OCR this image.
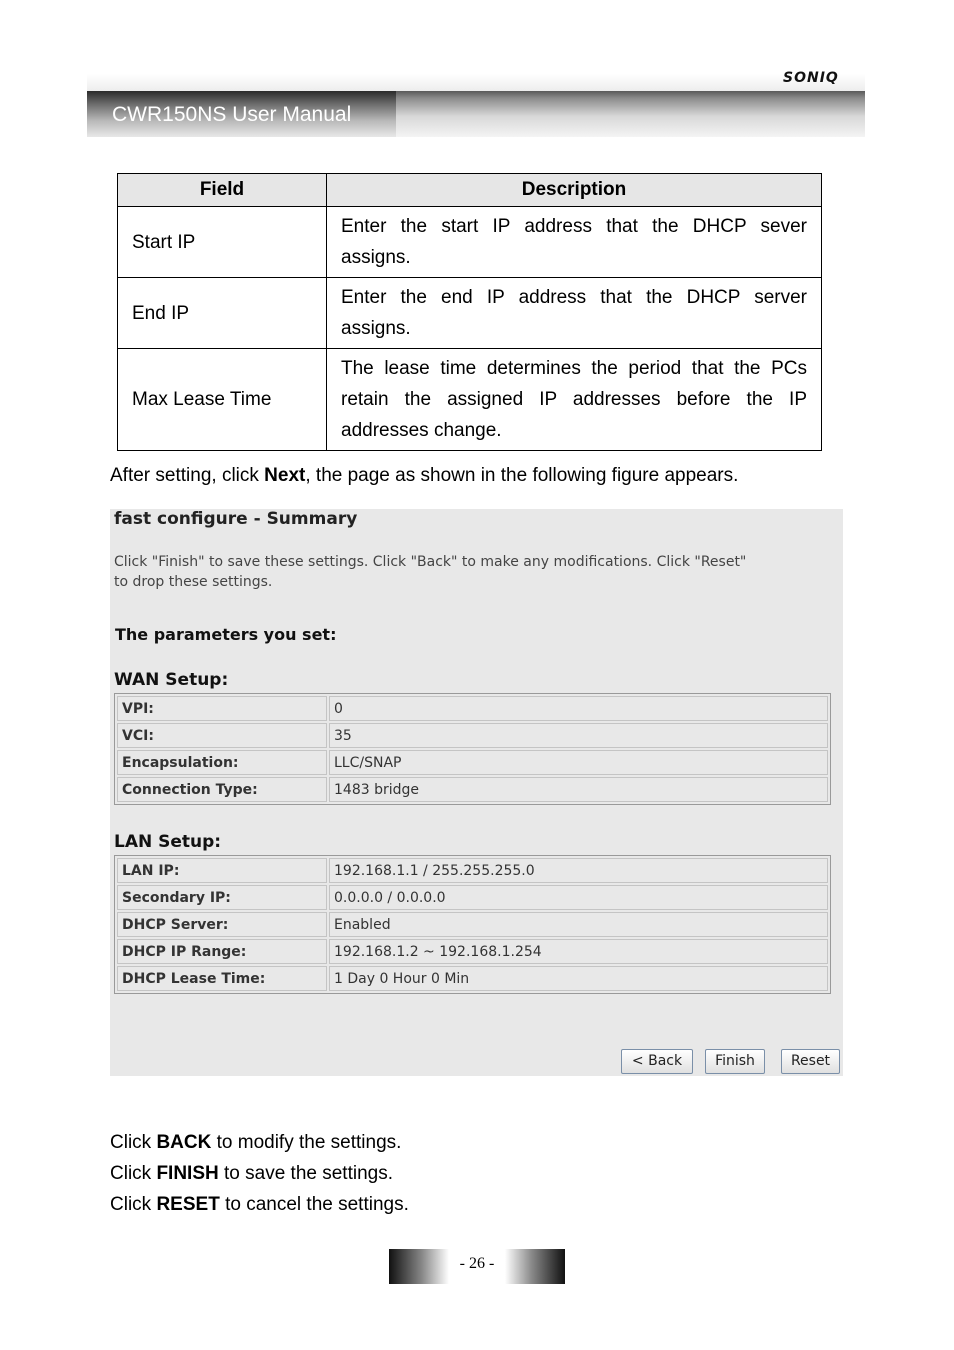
SONIQ
CWR150NS User Manual
Field	Description
Start IP	Enter the start IP address that the DHCP sever assigns.
End IP	Enter the end IP address that the DHCP server assigns.
Max Lease Time	The lease time determines the period that the PCs retain the assigned IP addresses before the IP addresses change.
After setting, click Next, the page as shown in the following figure appears.
fast configure - Summary
Click "Finish" to save these settings. Click "Back" to make any modifications. Click "Reset" to drop these settings.
The parameters you set:
WAN Setup:
VPI:	0
VCI:	35
Encapsulation:	LLC/SNAP
Connection Type:	1483 bridge
LAN Setup:
LAN IP:	192.168.1.1 / 255.255.255.0
Secondary IP:	0.0.0.0 / 0.0.0.0
DHCP Server:	Enabled
DHCP IP Range:	192.168.1.2 ~ 192.168.1.254
DHCP Lease Time:	1 Day 0 Hour 0 Min
< Back	Finish	Reset
Click BACK to modify the settings.
Click FINISH to save the settings.
Click RESET to cancel the settings.
- 26 -
